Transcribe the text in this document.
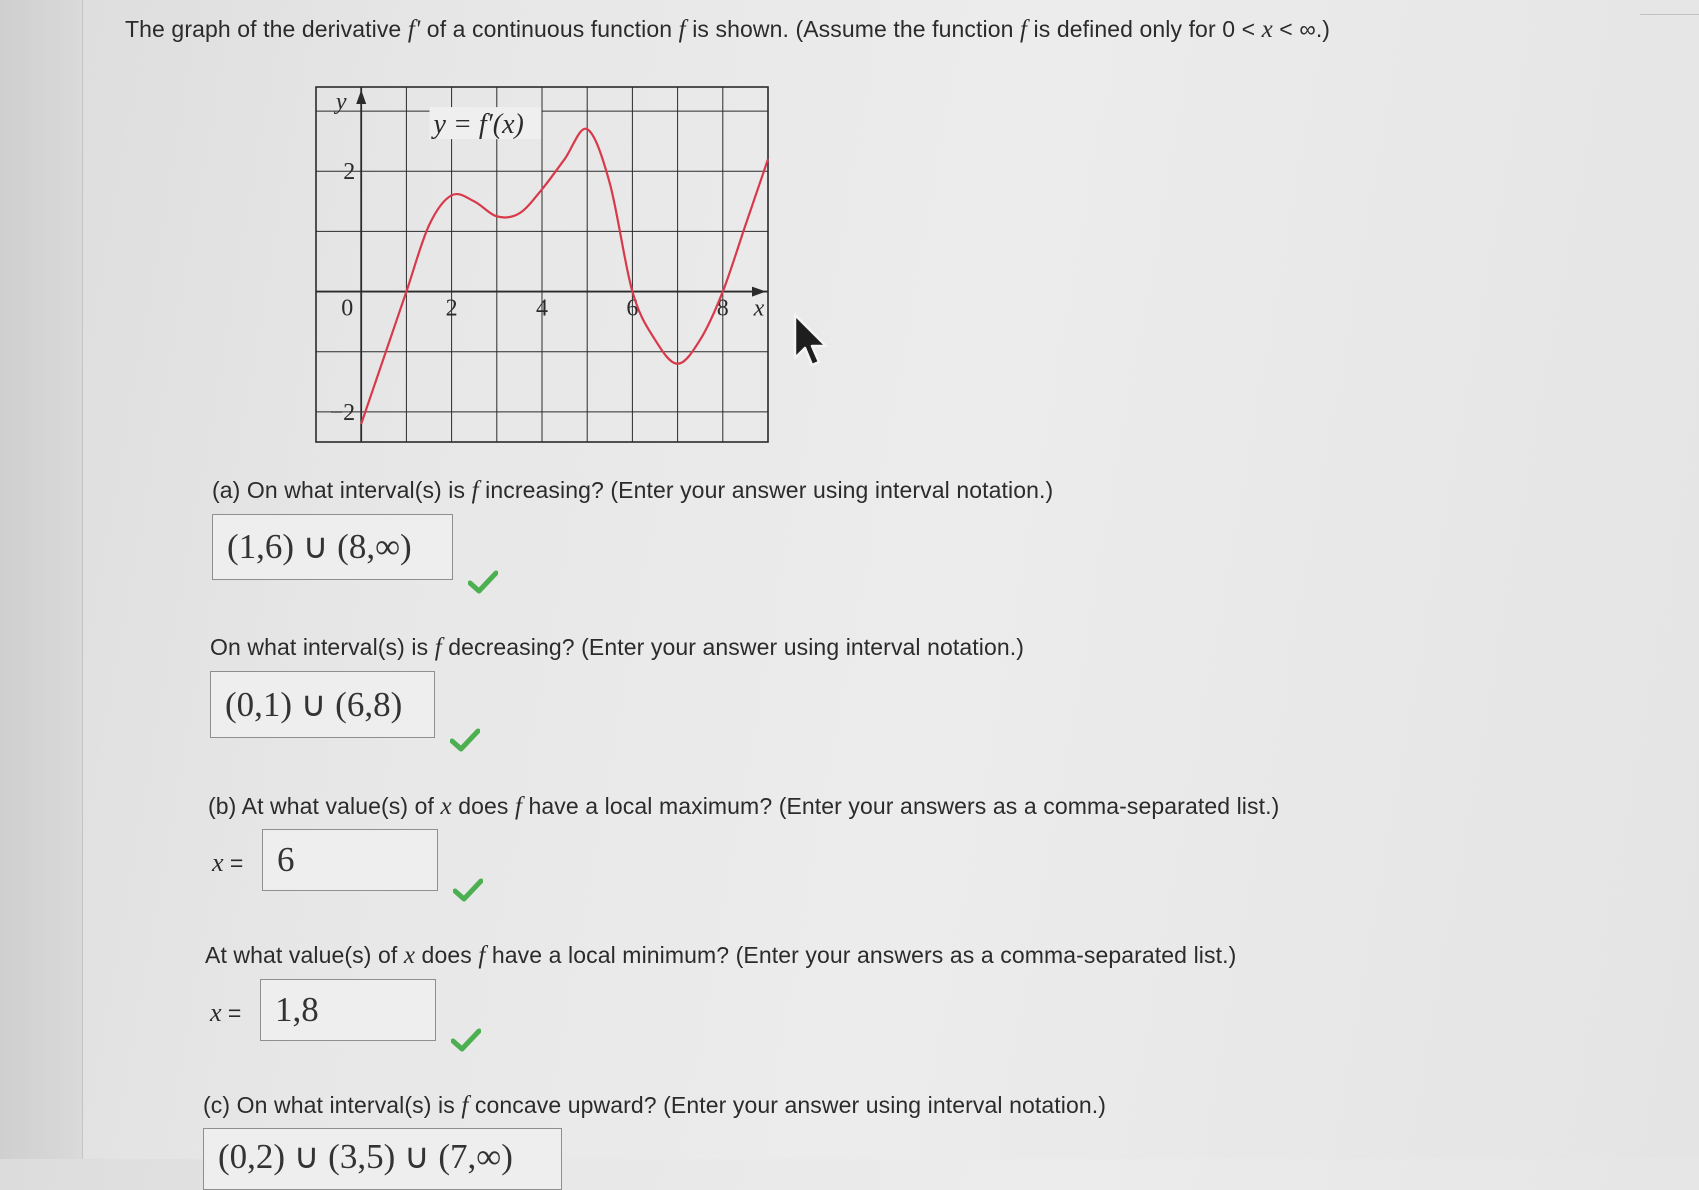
The graph of the derivative f' of a continuous function f is shown. (Assume the function f is defined only for 0 < x < ∞.)
0	2	4	6	8
2
−2
x
y
y = f′(x)
(a) On what interval(s) is f increasing? (Enter your answer using interval notation.)
(1,6) ∪ (8,∞)
On what interval(s) is f decreasing? (Enter your answer using interval notation.)
(0,1) ∪ (6,8)
(b) At what value(s) of x does f have a local maximum? (Enter your answers as a comma-separated list.)
x = 6
At what value(s) of x does f have a local minimum? (Enter your answers as a comma-separated list.)
x = 1,8
(c) On what interval(s) is f concave upward? (Enter your answer using interval notation.)
(0,2) ∪ (3,5) ∪ (7,∞)
